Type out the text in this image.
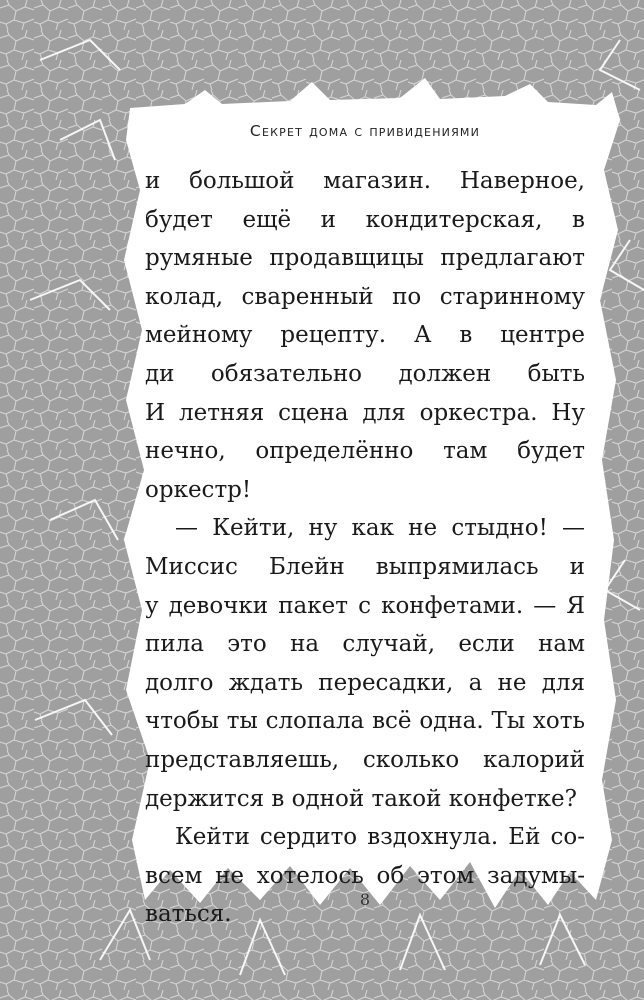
Секрет дома с привидениями
и большой магазин. Наверное,
будет ещё и кондитерская, в
румяные продавщицы предлагают
колад, сваренный по старинному
мейному рецепту. А в центре
ди обязательно должен быть
И летняя сцена для оркестра. Ну
нечно, определённо там будет
оркестр!
— Кейти, ну как не стыдно! —
Миссис Блейн выпрямилась и
у девочки пакет с конфетами. — Я
пила это на случай, если нам
долго ждать пересадки, а не для
чтобы ты слопала всё одна. Ты хоть
представляешь, сколько калорий
держится в одной такой конфетке?
Кейти сердито вздохнула. Ей со-
всем не хотелось об этом задумы-
ваться.
8
